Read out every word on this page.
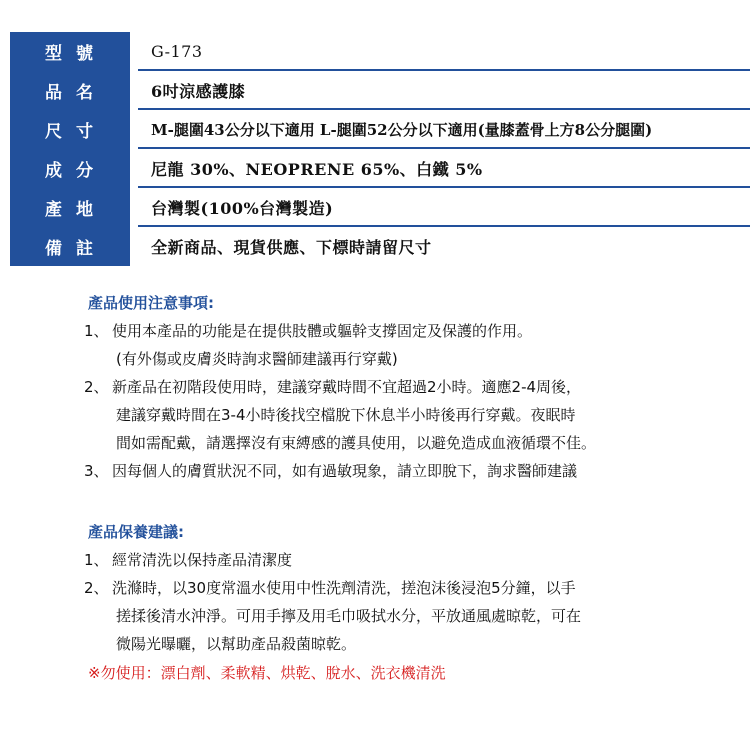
型號	G-173
品名	6吋涼感護膝
尺寸	M-腿圍43公分以下適用 L-腿圍52公分以下適用(量膝蓋骨上方8公分腿圍)
成分	尼龍 30%、NEOPRENE 65%、白鐵 5%
產地	台灣製(100%台灣製造)
備註	全新商品、現貨供應、下標時請留尺寸
產品使用注意事項:
1、 使用本產品的功能是在提供肢體或軀幹支撐固定及保護的作用。
(有外傷或皮膚炎時詢求醫師建議再行穿戴)
2、 新產品在初階段使用時，建議穿戴時間不宜超過2小時。適應2-4周後，
建議穿戴時間在3-4小時後找空檔脫下休息半小時後再行穿戴。夜眠時
間如需配戴，請選擇沒有束縛感的護具使用，以避免造成血液循環不佳。
3、 因每個人的膚質狀況不同，如有過敏現象，請立即脫下，詢求醫師建議
產品保養建議:
1、 經常清洗以保持產品清潔度
2、 洗滌時，以30度常溫水使用中性洗劑清洗，搓泡沫後浸泡5分鐘，以手
搓揉後清水沖淨。可用手擰及用毛巾吸拭水分，平放通風處晾乾，可在
微陽光曝曬，以幫助產品殺菌晾乾。
※勿使用：漂白劑、柔軟精、烘乾、脫水、洗衣機清洗
